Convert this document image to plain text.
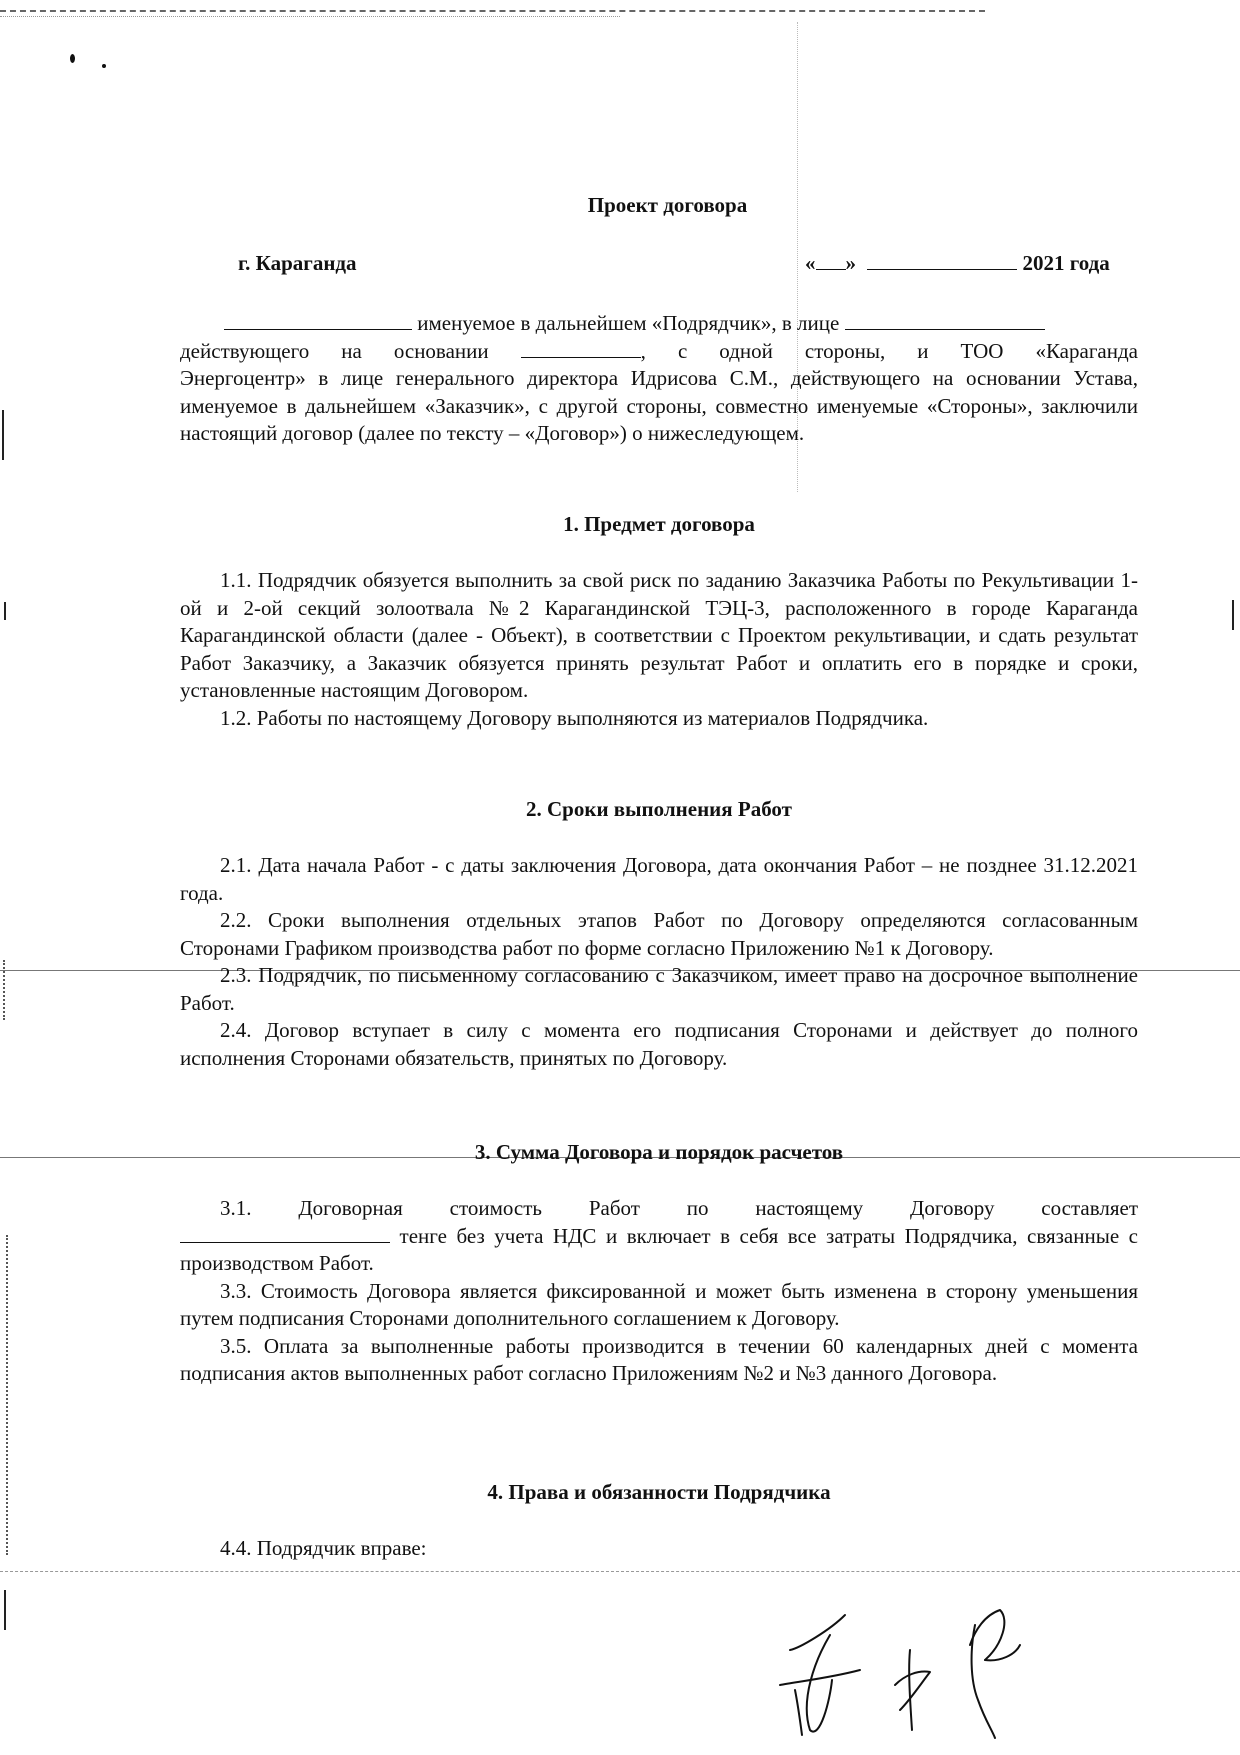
Проект договора
г. Караганда	« »	2021 года

именуемое в дальнейшем «Подрядчик», в лице

действующего на основании	, с одной стороны, и ТОО «Караганда

Энергоцентр» в лице генерального директора Идрисова С.М., действующего на основании Устава, именуемое в дальнейшем «Заказчик», с другой стороны, совместно именуемые «Стороны», заключили настоящий договор (далее по тексту – «Договор») о нижеследующем.

1. Предмет договора

1.1. Подрядчик обязуется выполнить за свой риск по заданию Заказчика Работы по Рекультивации 1-ой и 2-ой секций золоотвала №2 Карагандинской ТЭЦ-3, расположенного в городе Караганда Карагандинской области (далее - Объект), в соответствии с Проектом рекультивации, и сдать результат Работ Заказчику, а Заказчик обязуется принять результат Работ и оплатить его в порядке и сроки, установленные настоящим Договором.

1.2. Работы по настоящему Договору выполняются из материалов Подрядчика.

2. Сроки выполнения Работ

2.1. Дата начала Работ - с даты заключения Договора, дата окончания Работ – не позднее 31.12.2021 года.

2.2. Сроки выполнения отдельных этапов Работ по Договору определяются согласованным Сторонами Графиком производства работ по форме согласно Приложению №1 к Договору.

2.3. Подрядчик, по письменному согласованию с Заказчиком, имеет право на досрочное выполнение Работ.

2.4. Договор вступает в силу с момента его подписания Сторонами и действует до полного исполнения Сторонами обязательств, принятых по Договору.

3. Сумма Договора и порядок расчетов

3.1. Договорная стоимость Работ по настоящему Договору составляет

тенге без учета НДС и включает в себя все затраты Подрядчика, связанные с производством Работ.

3.3. Стоимость Договора является фиксированной и может быть изменена в сторону уменьшения путем подписания Сторонами дополнительного соглашением к Договору.

3.5. Оплата за выполненные работы производится в течении 60 календарных дней с момента подписания актов выполненных работ согласно Приложениям №2 и №3 данного Договора.

4. Права и обязанности Подрядчика

4.4. Подрядчик вправе:
